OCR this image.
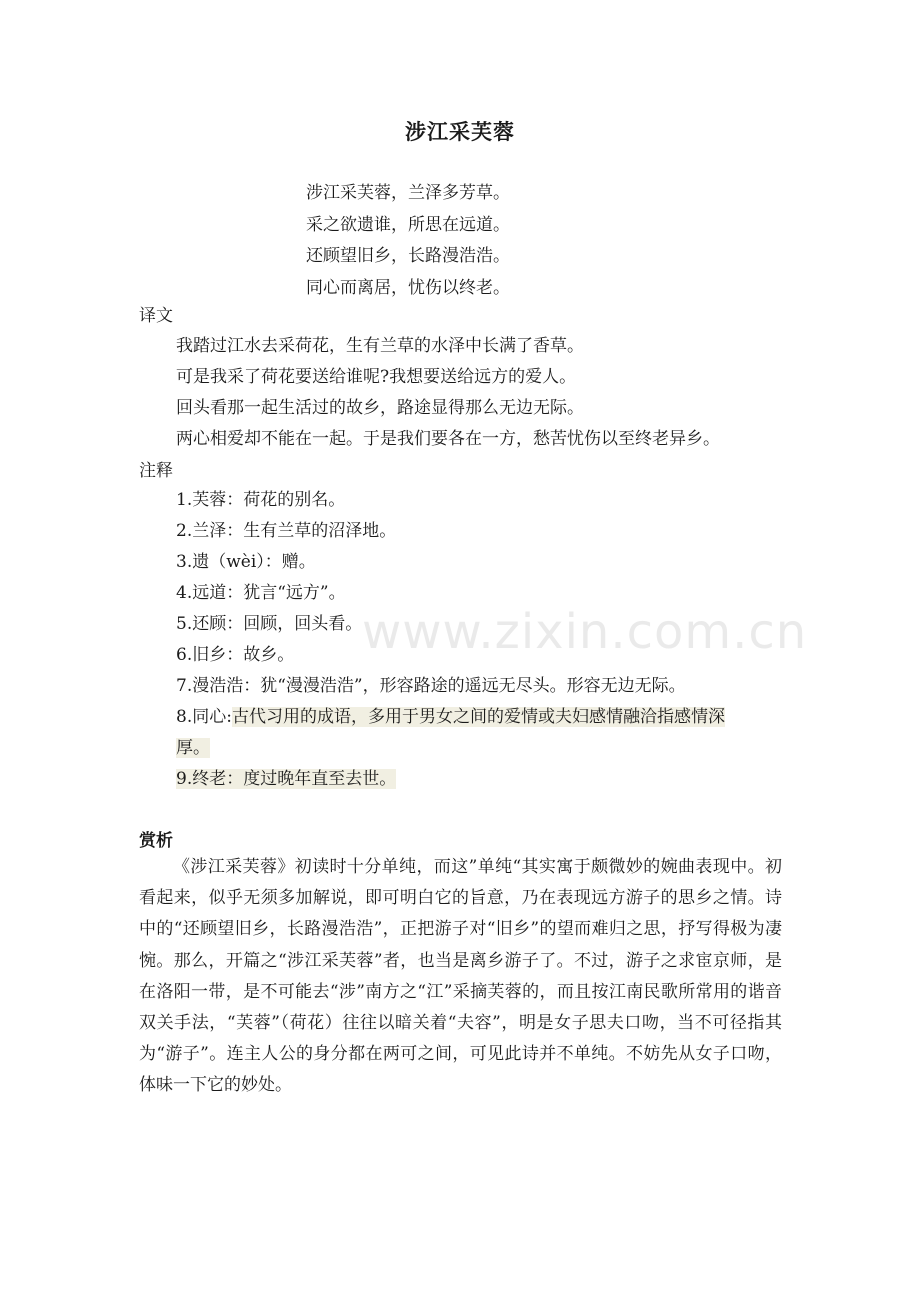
涉江采芙蓉
涉江采芙蓉，兰泽多芳草。
采之欲遗谁，所思在远道。
还顾望旧乡，长路漫浩浩。
同心而离居，忧伤以终老。
译文
我踏过江水去采荷花，生有兰草的水泽中长满了香草。
可是我采了荷花要送给谁呢?我想要送给远方的爱人。
回头看那一起生活过的故乡，路途显得那么无边无际。
两心相爱却不能在一起。于是我们要各在一方，愁苦忧伤以至终老异乡。
注释
1.芙蓉：荷花的别名。
2.兰泽：生有兰草的沼泽地。
3.遗（wèi）：赠。
4.远道：犹言“远方”。
5.还顾：回顾，回头看。
6.旧乡：故乡。
7.漫浩浩：犹“漫漫浩浩”，形容路途的遥远无尽头。形容无边无际。
8.同心:古代习用的成语，多用于男女之间的爱情或夫妇感情融洽指感情深
厚。
9.终老：度过晚年直至去世。
赏析
《涉江采芙蓉》初读时十分单纯，而这”单纯“其实寓于颇微妙的婉曲表现中。初看起来，似乎无须多加解说，即可明白它的旨意，乃在表现远方游子的思乡之情。诗中的“还顾望旧乡，长路漫浩浩”，正把游子对“旧乡”的望而难归之思，抒写得极为凄惋。那么，开篇之“涉江采芙蓉”者，也当是离乡游子了。不过，游子之求宦京师，是在洛阳一带，是不可能去“涉”南方之“江”采摘芙蓉的，而且按江南民歌所常用的谐音双关手法，“芙蓉”（荷花）往往以暗关着“夫容”，明是女子思夫口吻，当不可径指其为“游子”。连主人公的身分都在两可之间，可见此诗并不单纯。不妨先从女子口吻，体味一下它的妙处。
www.zixin.com.cn
